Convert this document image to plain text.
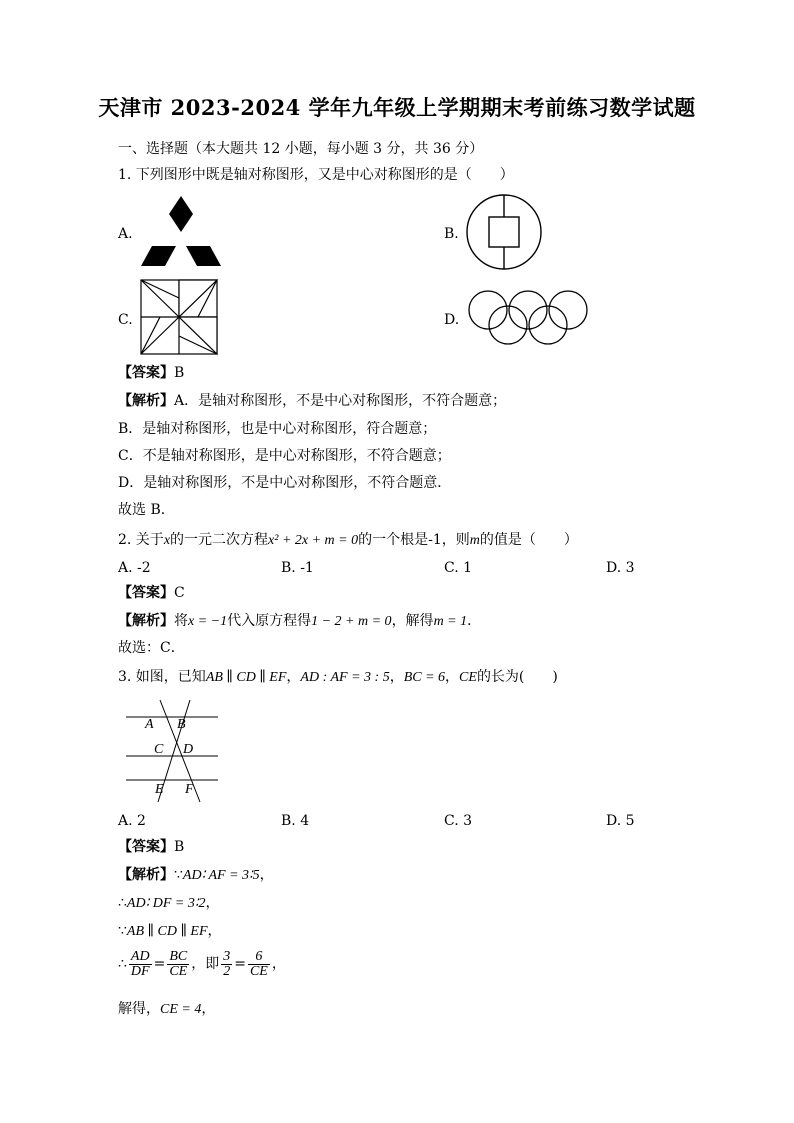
天津市 2023-2024 学年九年级上学期期末考前练习数学试题
一、选择题（本大题共 12 小题，每小题 3 分，共 36 分）
1. 下列图形中既是轴对称图形，又是中心对称图形的是（　　）
A.	B.
C.	D.
【答案】B
【解析】A．是轴对称图形，不是中心对称图形，不符合题意；
B．是轴对称图形，也是中心对称图形，符合题意；
C．不是轴对称图形，是中心对称图形，不符合题意；
D．是轴对称图形，不是中心对称图形，不符合题意．
故选 B．
2. 关于x的一元二次方程x² + 2x + m = 0的一个根是-1，则m的值是（　　）
A. -2	B. -1	C. 1	D. 3
【答案】C
【解析】将x = −1代入原方程得1 − 2 + m = 0，解得m = 1．
故选：C．
3. 如图，已知AB ∥ CD ∥ EF，AD : AF = 3 : 5，BC = 6，CE的长为(　　)
A B
C D
E F
A. 2	B. 4	C. 3	D. 5
【答案】B
【解析】∵AD∶ AF = 3∶5，
∴AD∶ DF = 3∶2，
∵AB ∥ CD ∥ EF，
∴ $\frac{AD}{DF} = \frac{BC}{CE}$ ，即 $\frac{3}{2} = \frac{6}{CE}$ ，
解得，CE = 4，
